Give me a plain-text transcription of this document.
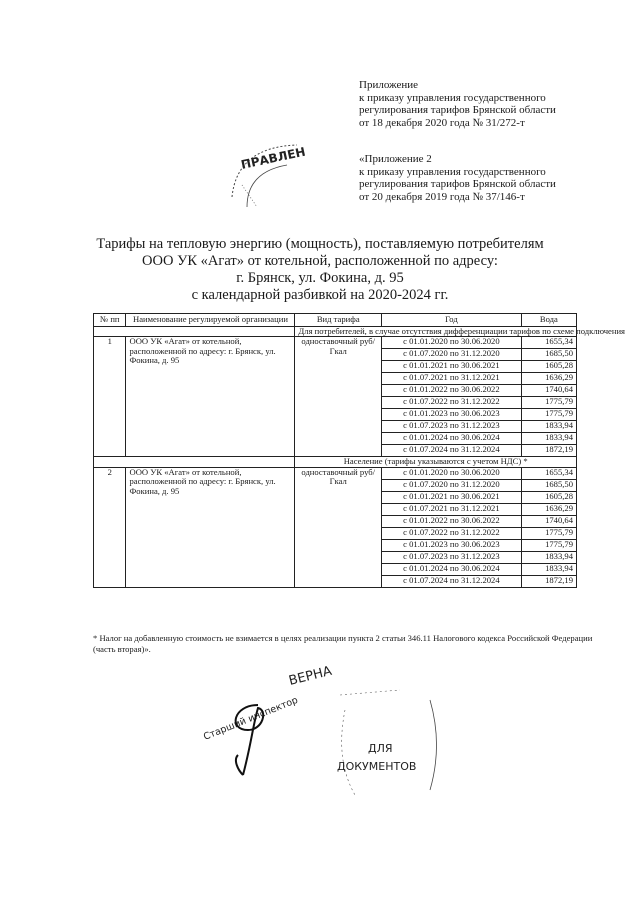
Приложение
к приказу управления государственного
регулирования тарифов Брянской области
от 18 декабря 2020 года № 31/272-т
«Приложение 2
к приказу управления государственного
регулирования тарифов Брянской области
от 20 декабря 2019 года № 37/146-т
Тарифы на тепловую энергию (мощность), поставляемую потребителям
ООО УК «Агат» от котельной, расположенной по адресу:
г. Брянск, ул. Фокина, д. 95
с календарной разбивкой на 2020-2024 гг.
№ пп	Наименование регулируемой организации	Вид тарифа	Год	Вода
		Для потребителей, в случае отсутствия дифференциации тарифов по схеме подключения		
1	ООО УК «Агат» от котельной, расположенной по адресу: г. Брянск, ул. Фокина, д. 95	одноставочный руб/Гкал	с 01.01.2020 по 30.06.2020	1655,34
			с 01.07.2020 по 31.12.2020	1685,50
			с 01.01.2021 по 30.06.2021	1605,28
			с 01.07.2021 по 31.12.2021	1636,29
			с 01.01.2022 по 30.06.2022	1740,64
			с 01.07.2022 по 31.12.2022	1775,79
			с 01.01.2023 по 30.06.2023	1775,79
			с 01.07.2023 по 31.12.2023	1833,94
			с 01.01.2024 по 30.06.2024	1833,94
			с 01.07.2024 по 31.12.2024	1872,19
		Население (тарифы указываются с учетом НДС) *		
2	ООО УК «Агат» от котельной, расположенной по адресу: г. Брянск, ул. Фокина, д. 95	одноставочный руб/Гкал	с 01.01.2020 по 30.06.2020	1655,34
			с 01.07.2020 по 31.12.2020	1685,50
			с 01.01.2021 по 30.06.2021	1605,28
			с 01.07.2021 по 31.12.2021	1636,29
			с 01.01.2022 по 30.06.2022	1740,64
			с 01.07.2022 по 31.12.2022	1775,79
			с 01.01.2023 по 30.06.2023	1775,79
			с 01.07.2023 по 31.12.2023	1833,94
			с 01.01.2024 по 30.06.2024	1833,94
			с 01.07.2024 по 31.12.2024	1872,19
* Налог на добавленную стоимость не взимается в целях реализации пункта 2 статьи 346.11 Налогового кодекса Российской Федерации (часть вторая)».
ПРАВЛЕН
ВЕРНА
Старший инспектор
ДЛЯ
ДОКУМЕНТОВ
